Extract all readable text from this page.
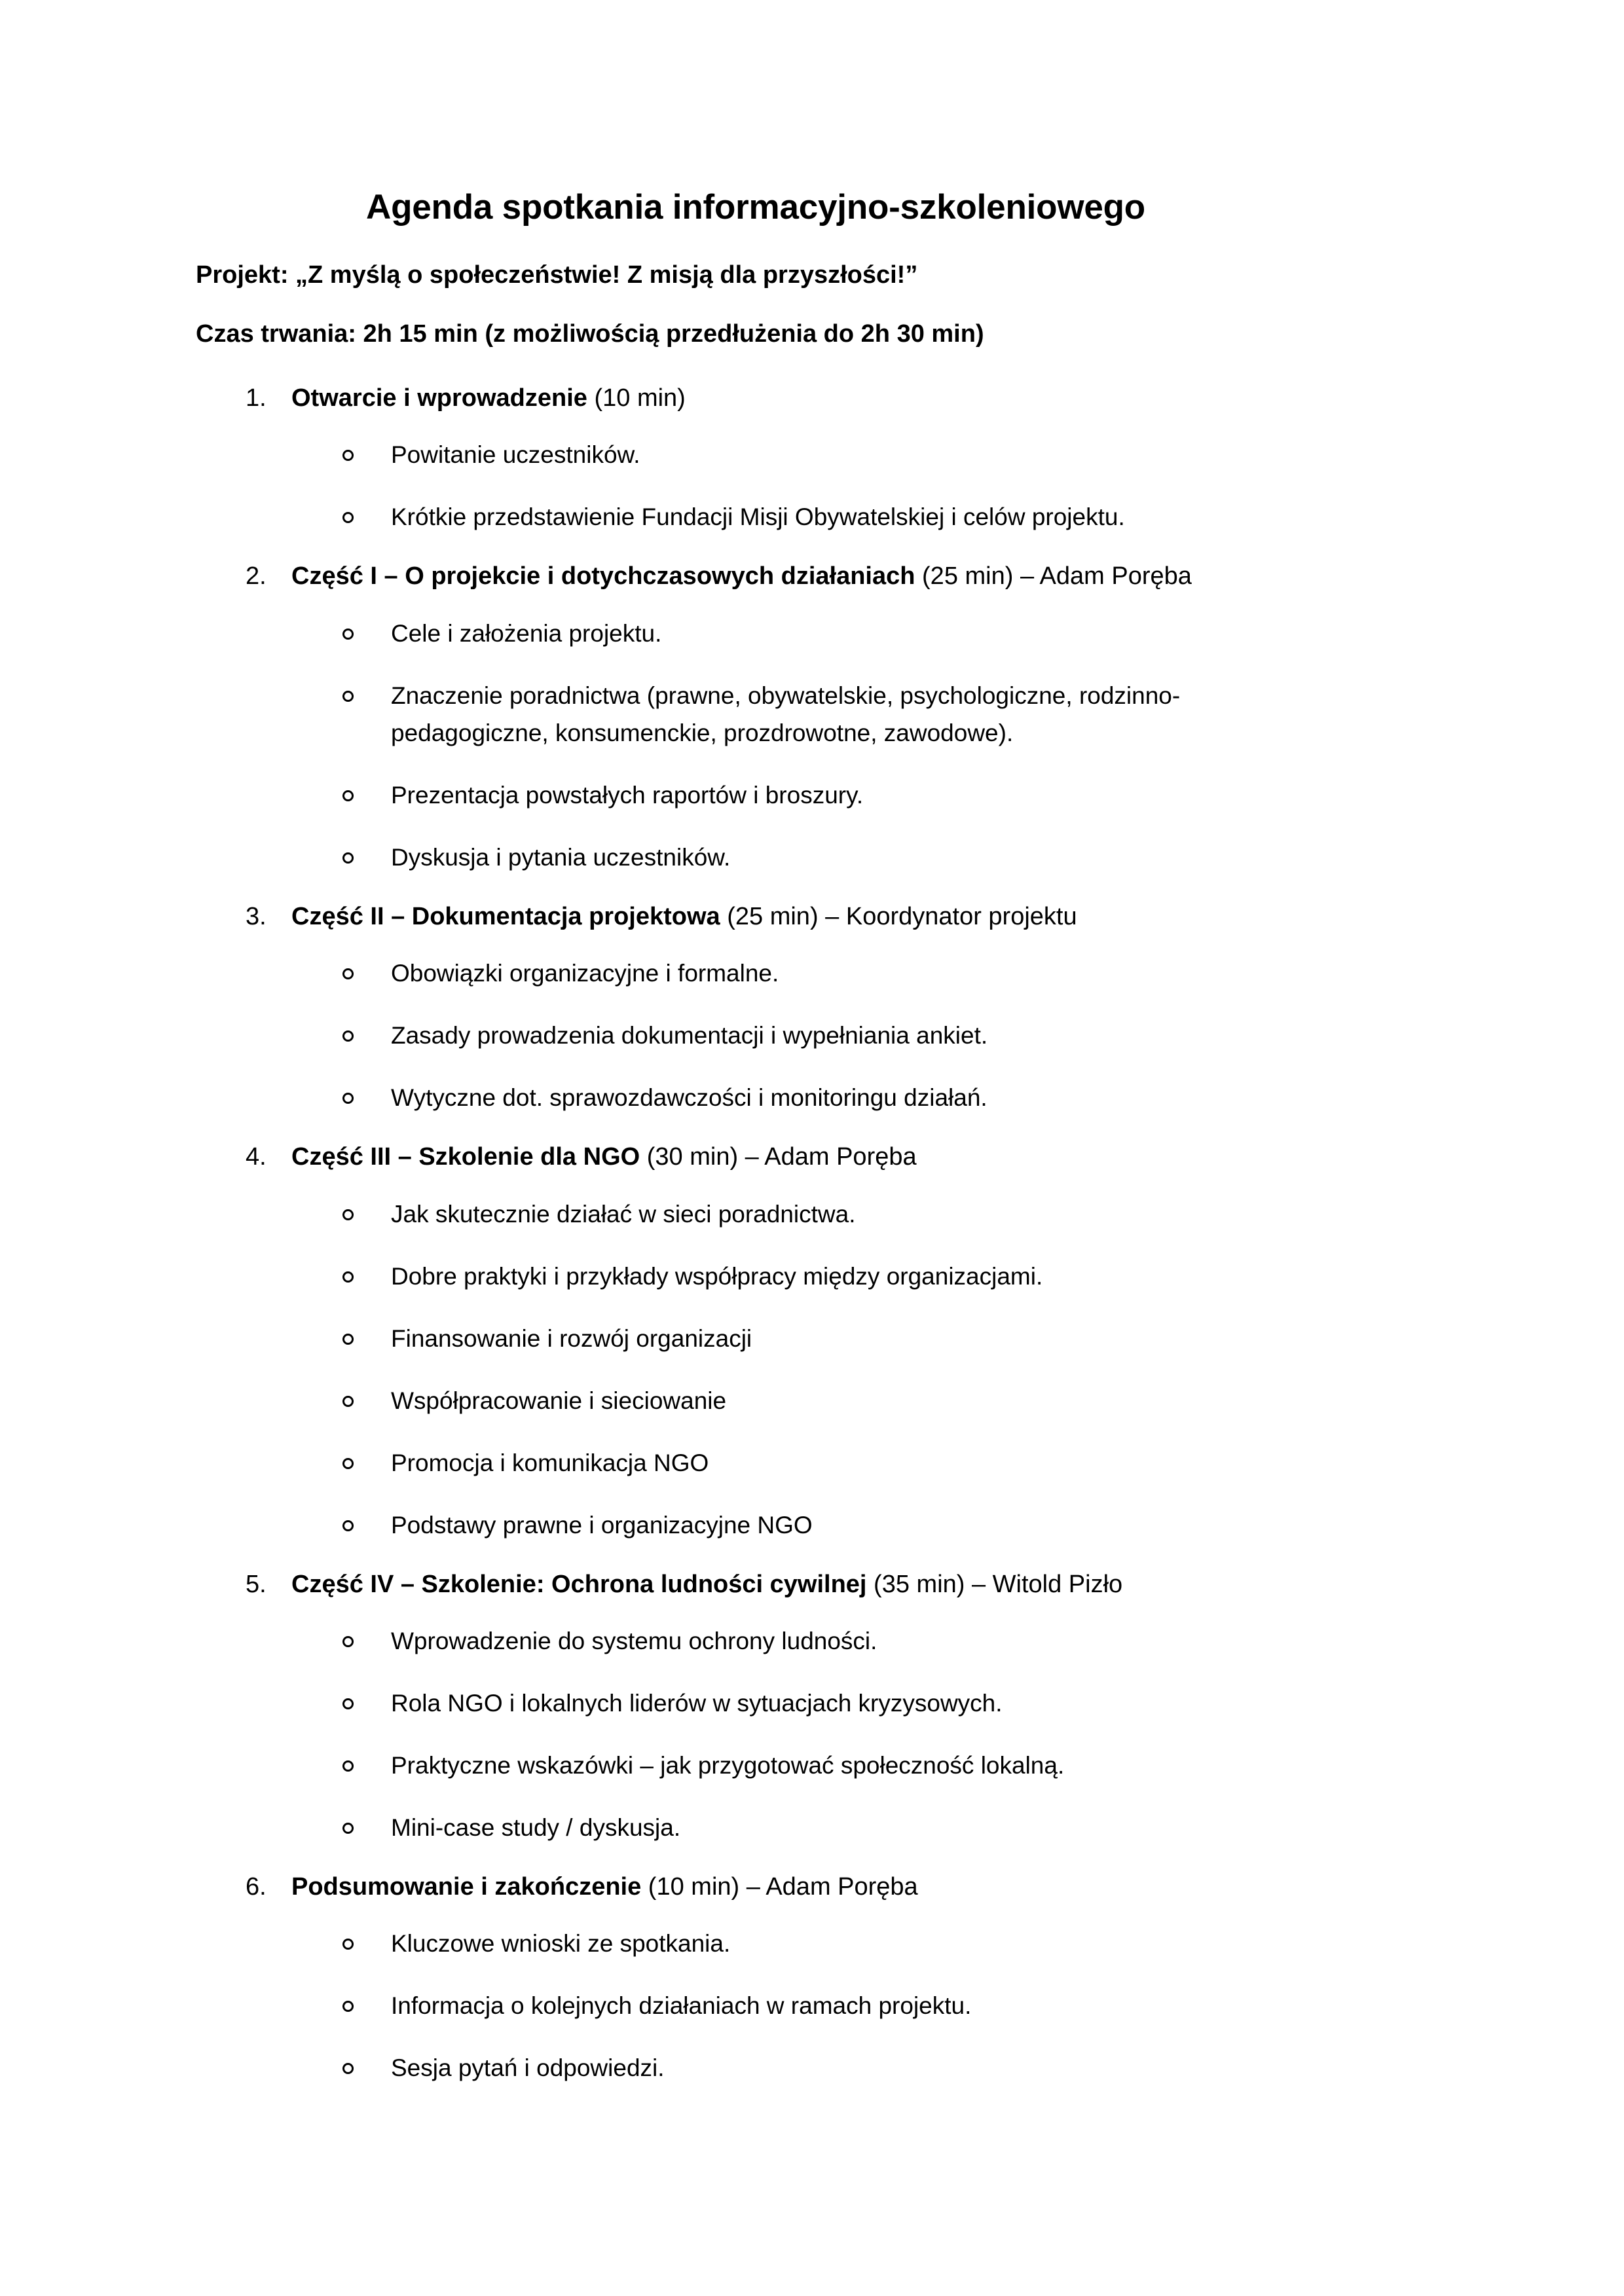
Agenda spotkania informacyjno-szkoleniowego

Projekt: „Z myślą o społeczeństwie! Z misją dla przyszłości!”

Czas trwania: 2h 15 min (z możliwością przedłużenia do 2h 30 min)

1. Otwarcie i wprowadzenie (10 min)
Powitanie uczestników.
Krótkie przedstawienie Fundacji Misji Obywatelskiej i celów projektu.
2. Część I – O projekcie i dotychczasowych działaniach (25 min) – Adam Poręba
Cele i założenia projektu.
Znaczenie poradnictwa (prawne, obywatelskie, psychologiczne, rodzinno-pedagogiczne, konsumenckie, prozdrowotne, zawodowe).
Prezentacja powstałych raportów i broszury.
Dyskusja i pytania uczestników.
3. Część II – Dokumentacja projektowa (25 min) – Koordynator projektu
Obowiązki organizacyjne i formalne.
Zasady prowadzenia dokumentacji i wypełniania ankiet.
Wytyczne dot. sprawozdawczości i monitoringu działań.
4. Część III – Szkolenie dla NGO (30 min) – Adam Poręba
Jak skutecznie działać w sieci poradnictwa.
Dobre praktyki i przykłady współpracy między organizacjami.
Finansowanie i rozwój organizacji
Współpracowanie i sieciowanie
Promocja i komunikacja NGO
Podstawy prawne i organizacyjne NGO
5. Część IV – Szkolenie: Ochrona ludności cywilnej (35 min) – Witold Pizło
Wprowadzenie do systemu ochrony ludności.
Rola NGO i lokalnych liderów w sytuacjach kryzysowych.
Praktyczne wskazówki – jak przygotować społeczność lokalną.
Mini-case study / dyskusja.
6. Podsumowanie i zakończenie (10 min) – Adam Poręba
Kluczowe wnioski ze spotkania.
Informacja o kolejnych działaniach w ramach projektu.
Sesja pytań i odpowiedzi.
